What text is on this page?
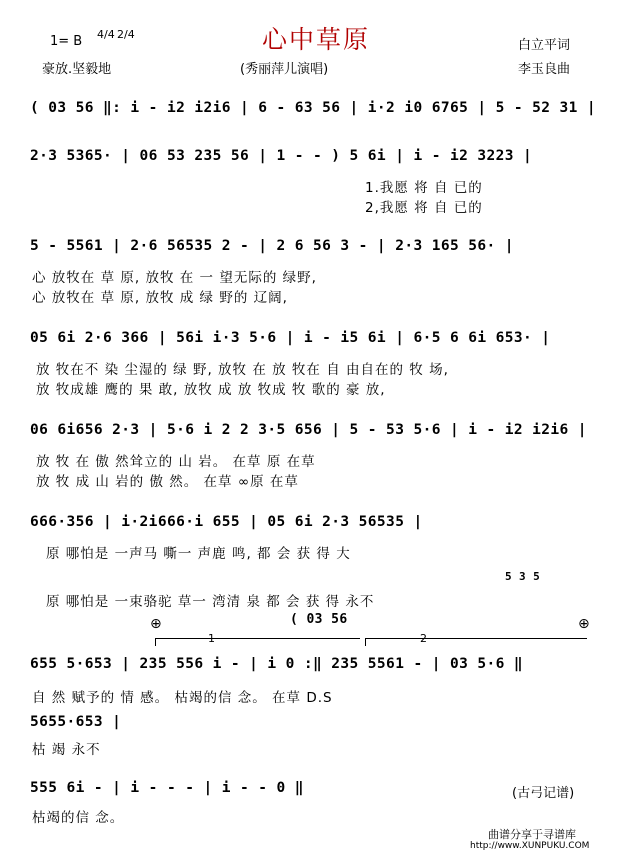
1= B 4/4 2/4	心中草原	白立平词
豪放.坚毅地	(秀丽萍儿演唱)	李玉良曲
( 03 56 ‖: i - i2 i2i6 | 6 - 63 56 | i·2 i0 6765 | 5 - 52 31 |
2·3 5365· | 06 53 235 56 | 1 - - ) 5 6i | i - i2 3223 |
1.我愿 将 自 已的
2,我愿 将 自 已的
5 - 5561 | 2·6 56535 2 - | 2 6 56 3 - | 2·3 165 56· |
心 放牧在 草 原, 放牧 在 一 望无际的 绿野,
心 放牧在 草 原, 放牧 成 绿 野的 辽阔,
05 6i 2·6 366 | 56i i·3 5·6 | i - i5 6i | 6·5 6 6i 653· |
放 牧在不 染 尘湿的 绿 野, 放牧 在 放 牧在 自 由自在的 牧 场,
放 牧成雄 鹰的 果 敢, 放牧 成 放 牧成 牧 歌的 豪 放,
06 6i656 2·3 | 5·6 i 2 2 3·5 656 | 5 - 53 5·6 | i - i2 i2i6 |
放 牧 在 傲 然耸立的 山 岩。 在草 原 在草
放 牧 成 山 岩的 傲 然。 在草 ∞原 在草
666·356 | i·2i666·i 655 | 05 6i 2·3 56535 |
原 哪怕是 一声马 嘶一 声鹿 鸣, 都 会 获 得 大
5 3 5
原 哪怕是 一束骆驼 草一 湾清 泉 都 会 获 得 永不
⊕	⊕
( 03 56
1	2
655 5·653 | 235 556 i - | i 0 :‖ 235 5561 - | 03 5·6 ‖
自 然 赋予的 情 感。 枯竭的信 念。 在草 D.S
5655·653 |
枯 竭 永不
555 6i - | i - - - | i - - 0 ‖
枯竭的信 念。
(古弓记谱)
曲谱分享于寻谱库
http://www.XUNPUKU.COM
